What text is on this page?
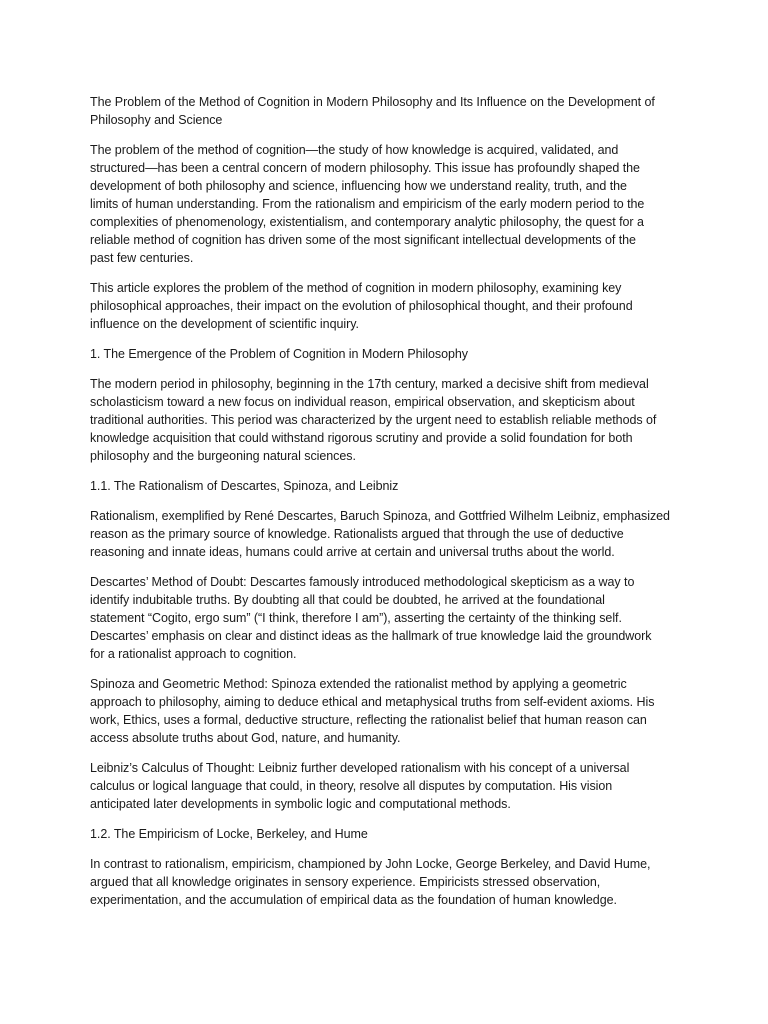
The Problem of the Method of Cognition in Modern Philosophy and Its Influence on the Development of
Philosophy and Science

The problem of the method of cognition—the study of how knowledge is acquired, validated, and
structured—has been a central concern of modern philosophy. This issue has profoundly shaped the
development of both philosophy and science, influencing how we understand reality, truth, and the
limits of human understanding. From the rationalism and empiricism of the early modern period to the
complexities of phenomenology, existentialism, and contemporary analytic philosophy, the quest for a
reliable method of cognition has driven some of the most significant intellectual developments of the
past few centuries.

This article explores the problem of the method of cognition in modern philosophy, examining key
philosophical approaches, their impact on the evolution of philosophical thought, and their profound
influence on the development of scientific inquiry.

1. The Emergence of the Problem of Cognition in Modern Philosophy

The modern period in philosophy, beginning in the 17th century, marked a decisive shift from medieval
scholasticism toward a new focus on individual reason, empirical observation, and skepticism about
traditional authorities. This period was characterized by the urgent need to establish reliable methods of
knowledge acquisition that could withstand rigorous scrutiny and provide a solid foundation for both
philosophy and the burgeoning natural sciences.

1.1. The Rationalism of Descartes, Spinoza, and Leibniz

Rationalism, exemplified by René Descartes, Baruch Spinoza, and Gottfried Wilhelm Leibniz, emphasized
reason as the primary source of knowledge. Rationalists argued that through the use of deductive
reasoning and innate ideas, humans could arrive at certain and universal truths about the world.

Descartes’ Method of Doubt: Descartes famously introduced methodological skepticism as a way to
identify indubitable truths. By doubting all that could be doubted, he arrived at the foundational
statement “Cogito, ergo sum” (“I think, therefore I am”), asserting the certainty of the thinking self.
Descartes’ emphasis on clear and distinct ideas as the hallmark of true knowledge laid the groundwork
for a rationalist approach to cognition.

Spinoza and Geometric Method: Spinoza extended the rationalist method by applying a geometric
approach to philosophy, aiming to deduce ethical and metaphysical truths from self-evident axioms. His
work, Ethics, uses a formal, deductive structure, reflecting the rationalist belief that human reason can
access absolute truths about God, nature, and humanity.

Leibniz’s Calculus of Thought: Leibniz further developed rationalism with his concept of a universal
calculus or logical language that could, in theory, resolve all disputes by computation. His vision
anticipated later developments in symbolic logic and computational methods.

1.2. The Empiricism of Locke, Berkeley, and Hume

In contrast to rationalism, empiricism, championed by John Locke, George Berkeley, and David Hume,
argued that all knowledge originates in sensory experience. Empiricists stressed observation,
experimentation, and the accumulation of empirical data as the foundation of human knowledge.
